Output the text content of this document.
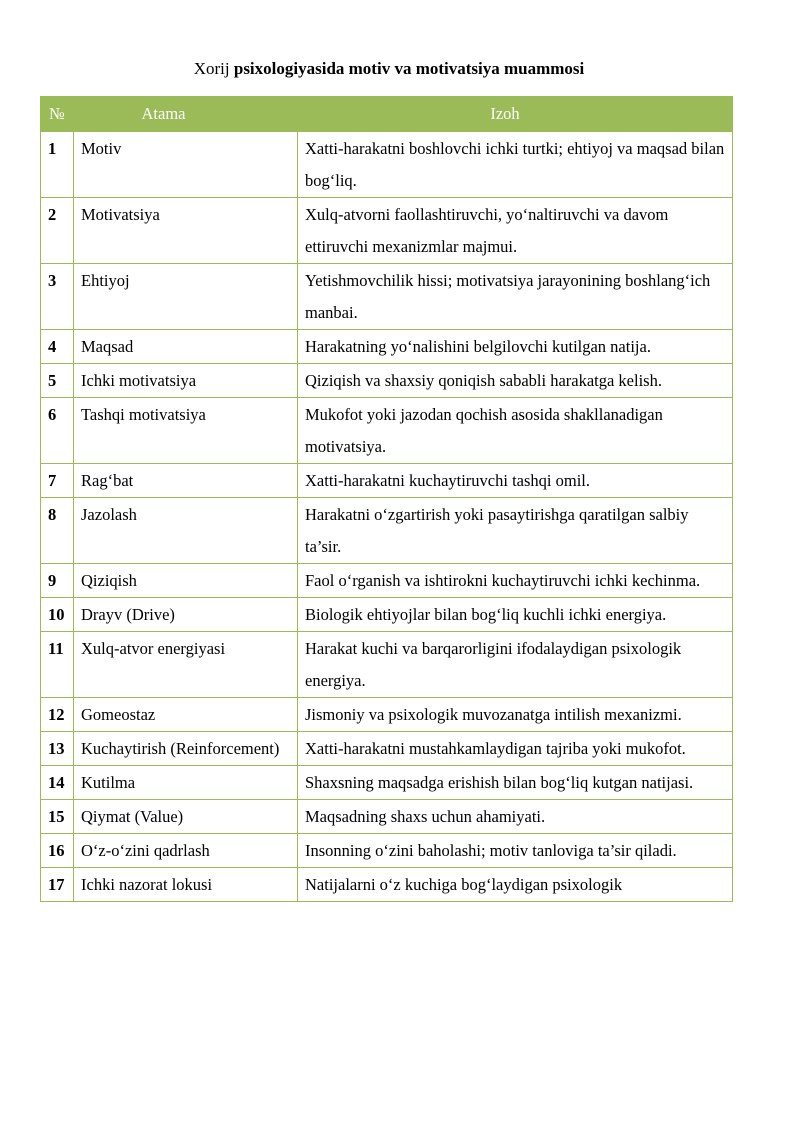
Xorij psixologiyasida motiv va motivatsiya muammosi
№	Atama	Izoh
1	Motiv	Xatti-harakatni boshlovchi ichki turtki; ehtiyoj va maqsad bilan bog‘liq.
2	Motivatsiya	Xulq-atvorni faollashtiruvchi, yo‘naltiruvchi va davom ettiruvchi mexanizmlar majmui.
3	Ehtiyoj	Yetishmovchilik hissi; motivatsiya jarayonining boshlang‘ich manbai.
4	Maqsad	Harakatning yo‘nalishini belgilovchi kutilgan natija.
5	Ichki motivatsiya	Qiziqish va shaxsiy qoniqish sababli harakatga kelish.
6	Tashqi motivatsiya	Mukofot yoki jazodan qochish asosida shakllanadigan motivatsiya.
7	Rag‘bat	Xatti-harakatni kuchaytiruvchi tashqi omil.
8	Jazolash	Harakatni o‘zgartirish yoki pasaytirishga qaratilgan salbiy ta’sir.
9	Qiziqish	Faol o‘rganish va ishtirokni kuchaytiruvchi ichki kechinma.
10	Drayv (Drive)	Biologik ehtiyojlar bilan bog‘liq kuchli ichki energiya.
11	Xulq-atvor energiyasi	Harakat kuchi va barqarorligini ifodalaydigan psixologik energiya.
12	Gomeostaz	Jismoniy va psixologik muvozanatga intilish mexanizmi.
13	Kuchaytirish (Reinforcement)	Xatti-harakatni mustahkamlaydigan tajriba yoki mukofot.
14	Kutilma	Shaxsning maqsadga erishish bilan bog‘liq kutgan natijasi.
15	Qiymat (Value)	Maqsadning shaxs uchun ahamiyati.
16	O‘z-o‘zini qadrlash	Insonning o‘zini baholashi; motiv tanloviga ta’sir qiladi.
17	Ichki nazorat lokusi	Natijalarni o‘z kuchiga bog‘laydigan psixologik
